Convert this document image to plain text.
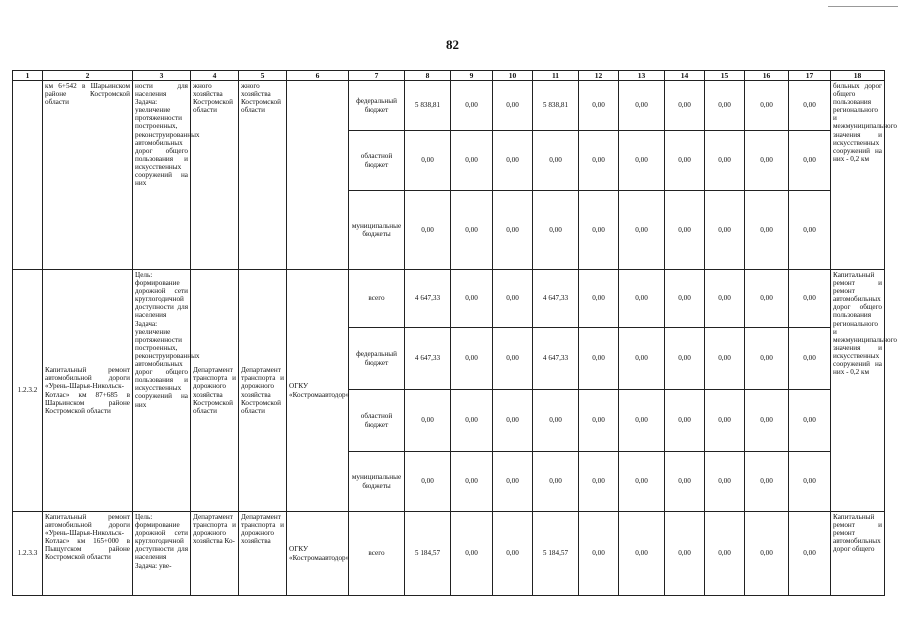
82
1	2	3	4	5	6	7	8	9	10	11	12	13	14	15	16	17	18
	км 6+542 в Шарьинском районе Костромской области	ности для населения Задача: увеличение протяженности построенных, реконструированных автомобильных дорог общего пользования и искусственных сооружений на них	жного хозяйства Костромской области	жного хозяйства Костромской области		федеральный бюджет	5 838,81	0,00	0,00	5 838,81	0,00	0,00	0,00	0,00	0,00	0,00	бильных дорог общего пользования регионального и межмуниципального значения и искусственных сооружений на них - 0,2 км
						областной бюджет	0,00	0,00	0,00	0,00	0,00	0,00	0,00	0,00	0,00	0,00	
						муниципальные бюджеты	0,00	0,00	0,00	0,00	0,00	0,00	0,00	0,00	0,00	0,00	
1.2.3.2	Капитальный ремонт автомобильной дороги «Урень-Шарья-Никольск-Котлас» км 87+685 в Шарьинском районе Костромской области	Цель: формирование дорожной сети круглогодичной доступности для населения Задача: увеличение протяженности построенных, реконструированных автомобильных дорог общего пользования и искусственных сооружений на них	Департамент транспорта и дорожного хозяйства Костромской области	Департамент транспорта и дорожного хозяйства Костромской области	ОГКУ «Костромаавтодор»	всего	4 647,33	0,00	0,00	4 647,33	0,00	0,00	0,00	0,00	0,00	0,00	Капитальный ремонт и ремонт автомобильных дорог общего пользования регионального и межмуниципального значения и искусственных сооружений на них - 0,2 км
						федеральный бюджет	4 647,33	0,00	0,00	4 647,33	0,00	0,00	0,00	0,00	0,00	0,00	
						областной бюджет	0,00	0,00	0,00	0,00	0,00	0,00	0,00	0,00	0,00	0,00	
						муниципальные бюджеты	0,00	0,00	0,00	0,00	0,00	0,00	0,00	0,00	0,00	0,00	
1.2.3.3	Капитальный ремонт автомобильной дороги «Урень-Шарья-Никольск-Котлас» км 165+000 в Пыщугском районе Костромской области	Цель: формирование дорожной сети круглогодичной доступности для населения Задача: уве-	Департамент транспорта и дорожного хозяйства Ко-	Департамент транспорта и дорожного хозяйства	ОГКУ «Костромаавтодор»	всего	5 184,57	0,00	0,00	5 184,57	0,00	0,00	0,00	0,00	0,00	0,00	Капитальный ремонт и ремонт автомобильных дорог общего
